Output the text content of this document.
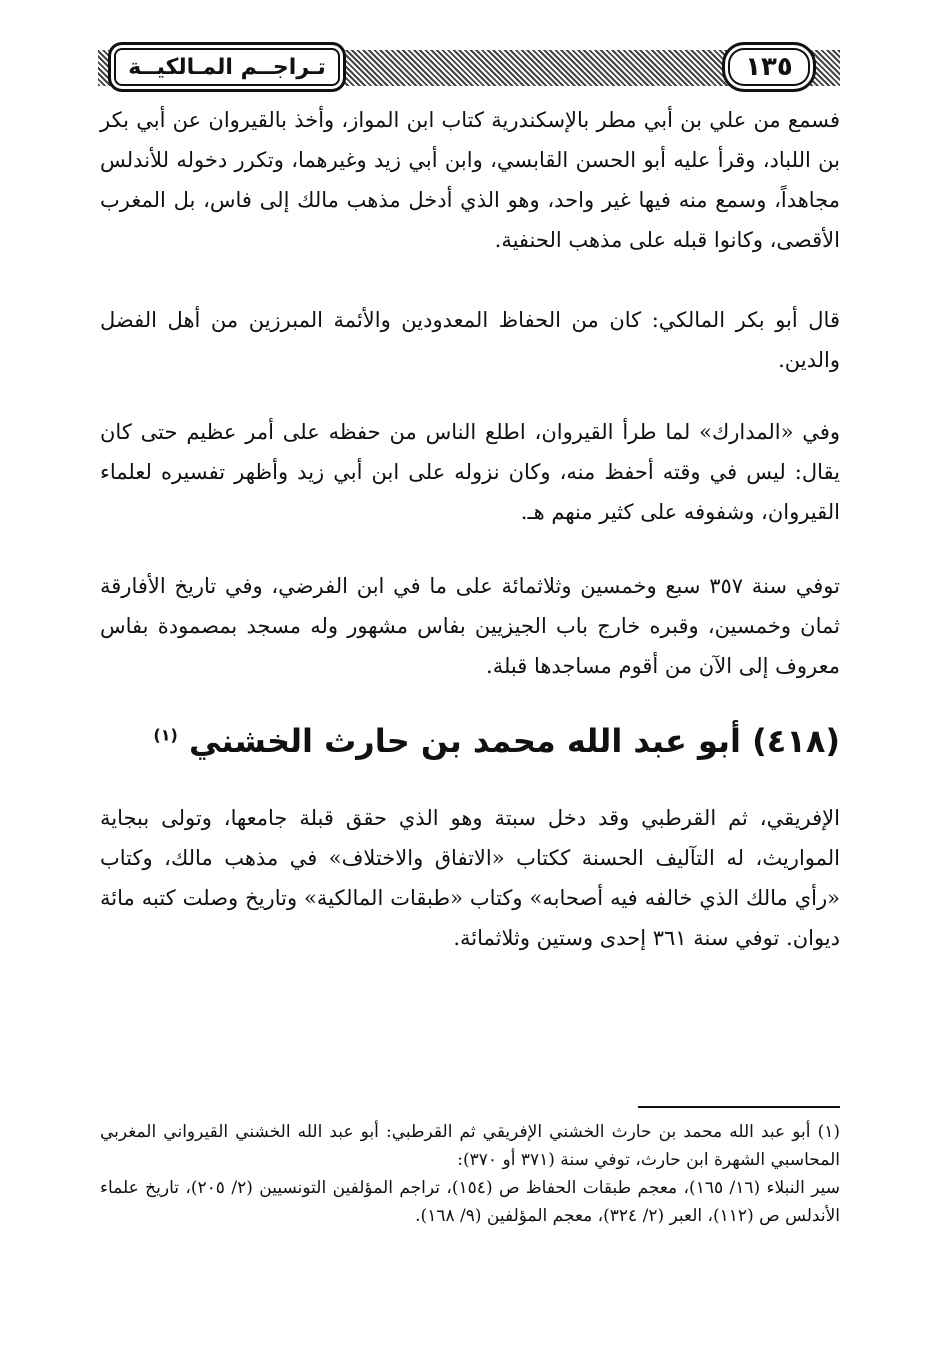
تـراجــم المـالكيــة	١٣٥

فسمع من علي بن أبي مطر بالإسكندرية كتاب ابن المواز، وأخذ بالقيروان عن أبي بكر بن اللباد، وقرأ عليه أبو الحسن القابسي، وابن أبي زيد وغيرهما، وتكرر دخوله للأندلس مجاهداً، وسمع منه فيها غير واحد، وهو الذي أدخل مذهب مالك إلى فاس، بل المغرب الأقصى، وكانوا قبله على مذهب الحنفية.

قال أبو بكر المالكي: كان من الحفاظ المعدودين والأئمة المبرزين من أهل الفضل والدين.

وفي «المدارك» لما طرأ القيروان، اطلع الناس من حفظه على أمر عظيم حتى كان يقال: ليس في وقته أحفظ منه، وكان نزوله على ابن أبي زيد وأظهر تفسيره لعلماء القيروان، وشفوفه على كثير منهم هـ.

توفي سنة ٣٥٧ سبع وخمسين وثلاثمائة على ما في ابن الفرضي، وفي تاريخ الأفارقة ثمان وخمسين، وقبره خارج باب الجيزيين بفاس مشهور وله مسجد بمصمودة بفاس معروف إلى الآن من أقوم مساجدها قبلة.

(٤١٨) أبو عبد الله محمد بن حارث الخشني $^{(١)}$

الإفريقي، ثم القرطبي وقد دخل سبتة وهو الذي حقق قبلة جامعها، وتولى ببجاية المواريث، له التآليف الحسنة ككتاب «الاتفاق والاختلاف» في مذهب مالك، وكتاب «رأي مالك الذي خالفه فيه أصحابه» وكتاب «طبقات المالكية» وتاريخ وصلت كتبه مائة ديوان. توفي سنة ٣٦١ إحدى وستين وثلاثمائة.

(١) أبو عبد الله محمد بن حارث الخشني الإفريقي ثم القرطبي: أبو عبد الله الخشني القيرواني المغربي المحاسبي الشهرة ابن حارث، توفي سنة (٣٧١ أو ٣٧٠):

سير النبلاء (١٦/ ١٦٥)، معجم طبقات الحفاظ ص (١٥٤)، تراجم المؤلفين التونسيين (٢/ ٢٠٥)، تاريخ علماء الأندلس ص (١١٢)، العبر (٢/ ٣٢٤)، معجم المؤلفين (٩/ ١٦٨).
